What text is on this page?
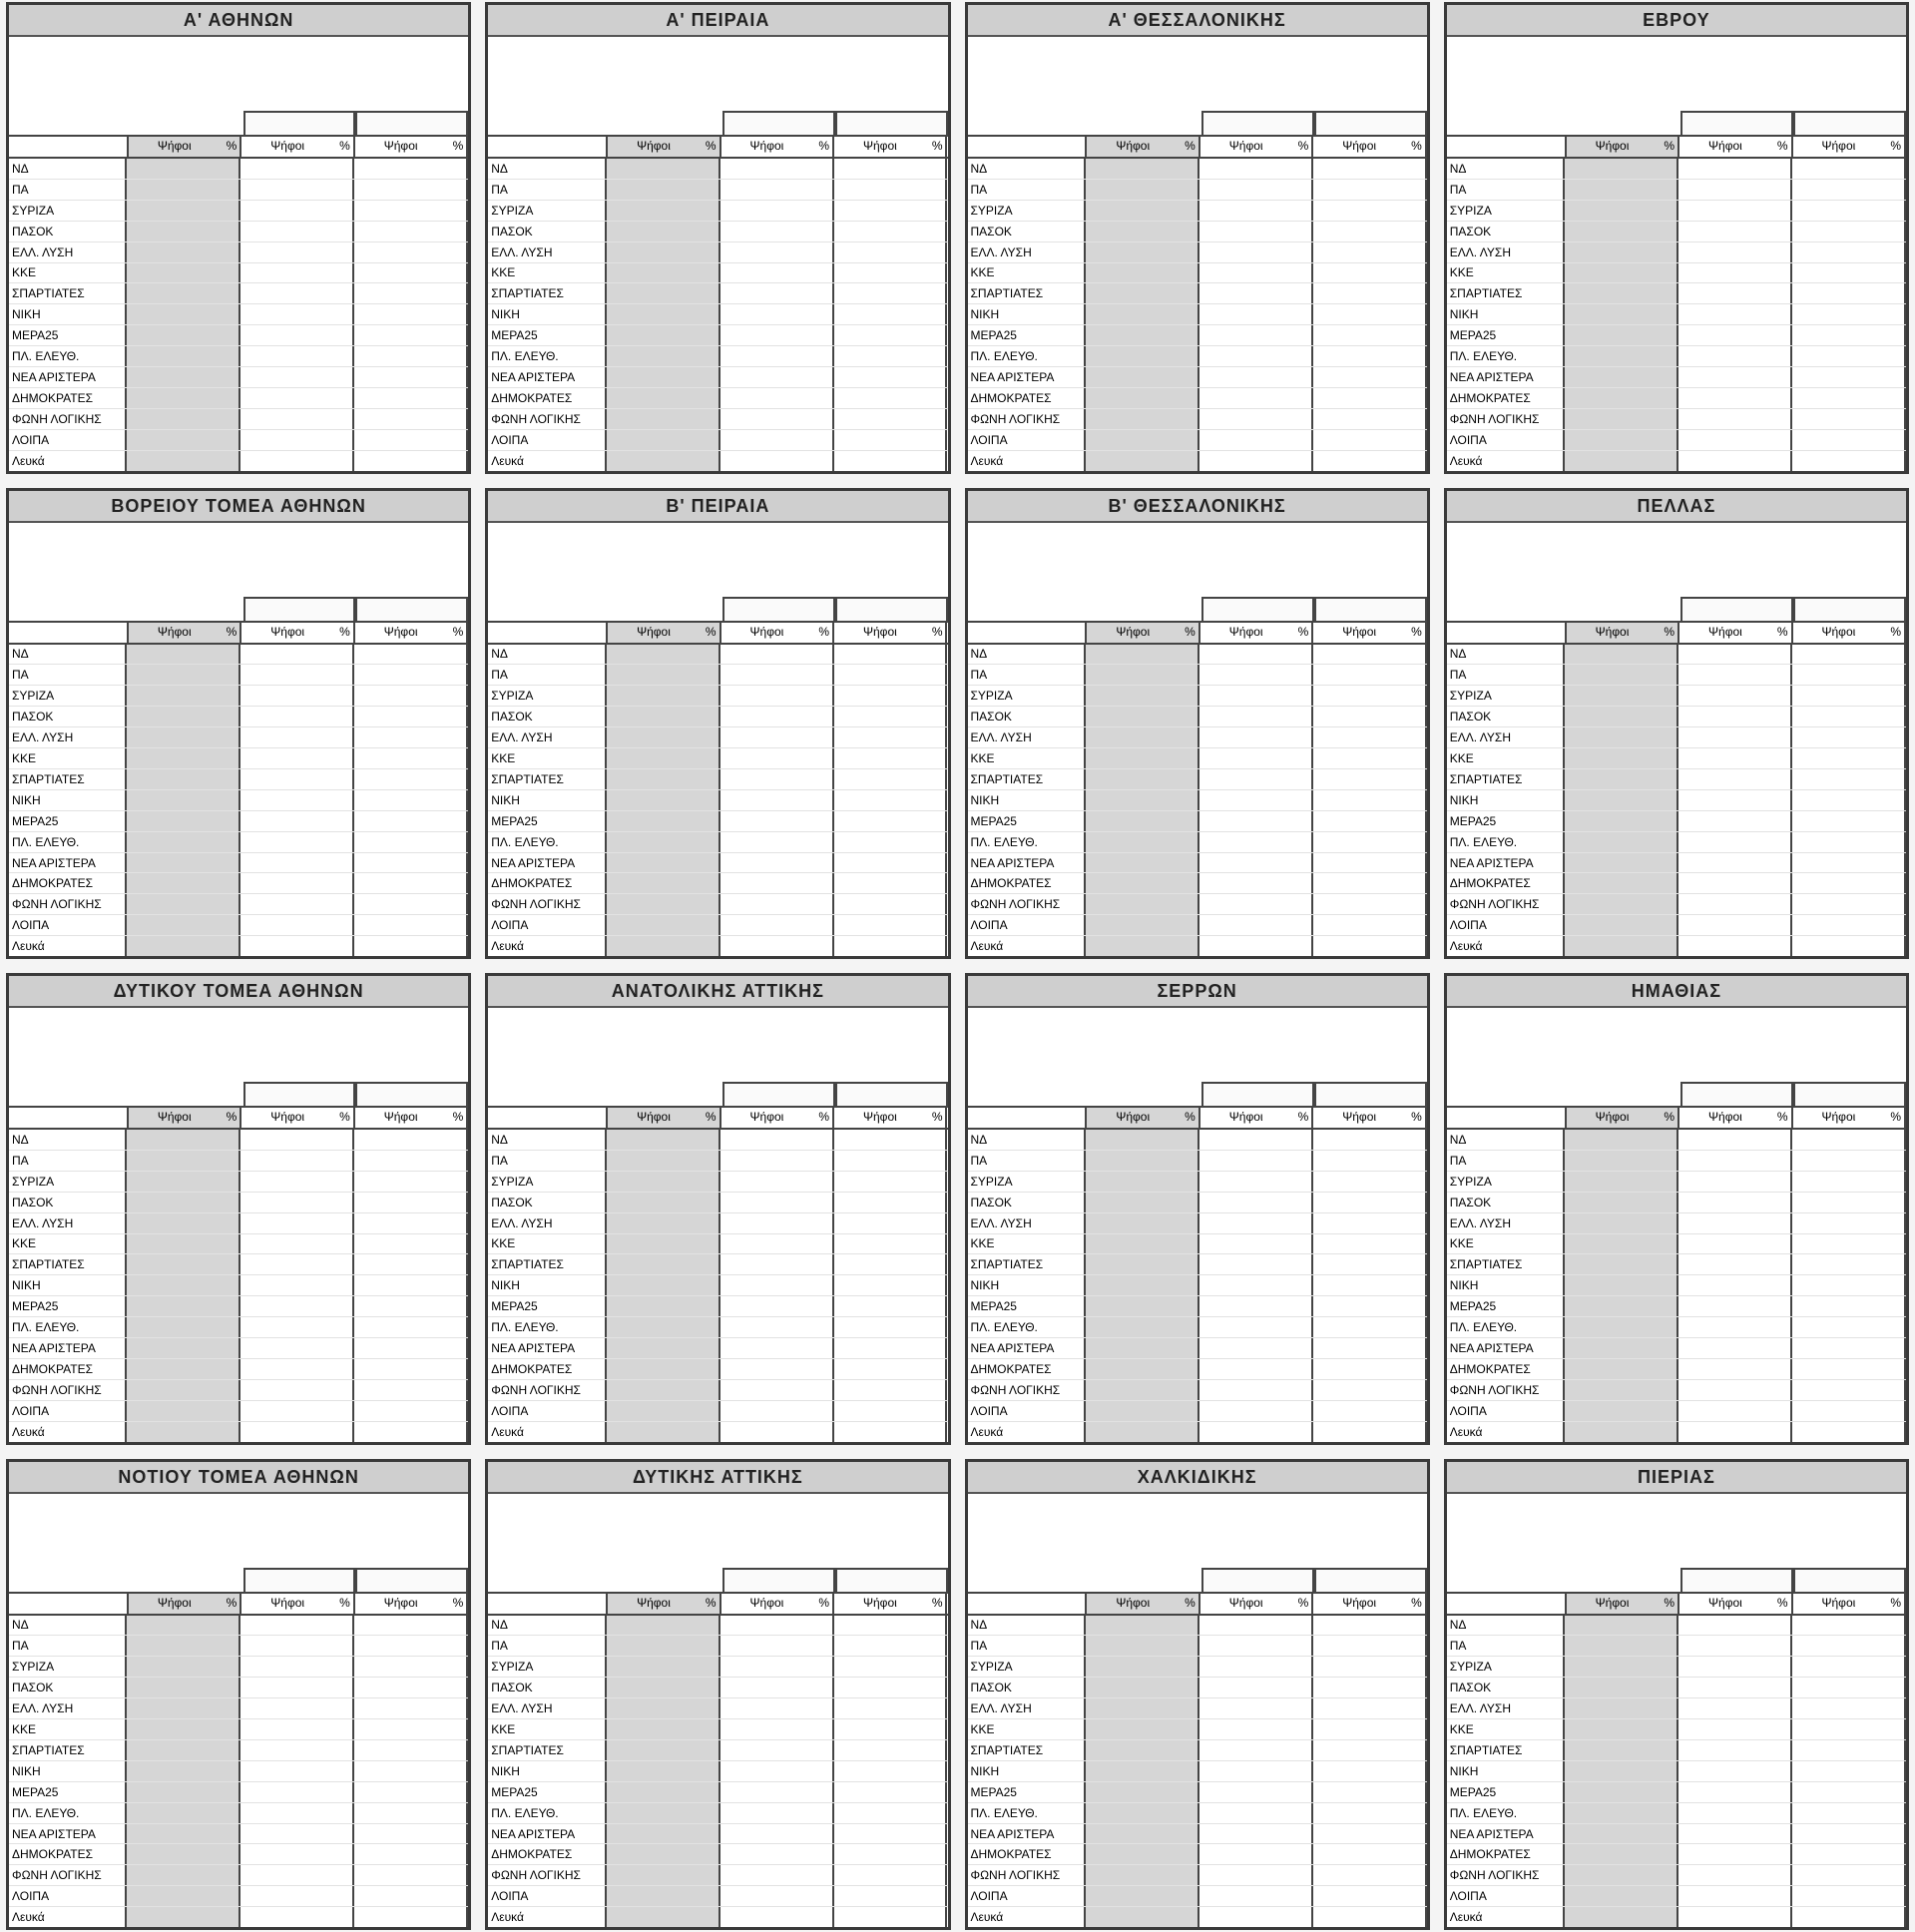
Α' ΑΘΗΝΩΝ
Ψήφοι	%	Ψήφοι	%	Ψήφοι	%
ΝΔ
ΠΑ
ΣΥΡΙΖΑ
ΠΑΣΟΚ
ΕΛΛ. ΛΥΣΗ
ΚΚΕ
ΣΠΑΡΤΙΑΤΕΣ
ΝΙΚΗ
ΜΕΡΑ25
ΠΛ. ΕΛΕΥΘ.
ΝΕΑ ΑΡΙΣΤΕΡΑ
ΔΗΜΟΚΡΑΤΕΣ
ΦΩΝΗ ΛΟΓΙΚΗΣ
ΛΟΙΠΑ
Λευκά
Α' ΠΕΙΡΑΙΑ
Ψήφοι	%	Ψήφοι	%	Ψήφοι	%
ΝΔ
ΠΑ
ΣΥΡΙΖΑ
ΠΑΣΟΚ
ΕΛΛ. ΛΥΣΗ
ΚΚΕ
ΣΠΑΡΤΙΑΤΕΣ
ΝΙΚΗ
ΜΕΡΑ25
ΠΛ. ΕΛΕΥΘ.
ΝΕΑ ΑΡΙΣΤΕΡΑ
ΔΗΜΟΚΡΑΤΕΣ
ΦΩΝΗ ΛΟΓΙΚΗΣ
ΛΟΙΠΑ
Λευκά
Α' ΘΕΣΣΑΛΟΝΙΚΗΣ
Ψήφοι	%	Ψήφοι	%	Ψήφοι	%
ΝΔ
ΠΑ
ΣΥΡΙΖΑ
ΠΑΣΟΚ
ΕΛΛ. ΛΥΣΗ
ΚΚΕ
ΣΠΑΡΤΙΑΤΕΣ
ΝΙΚΗ
ΜΕΡΑ25
ΠΛ. ΕΛΕΥΘ.
ΝΕΑ ΑΡΙΣΤΕΡΑ
ΔΗΜΟΚΡΑΤΕΣ
ΦΩΝΗ ΛΟΓΙΚΗΣ
ΛΟΙΠΑ
Λευκά
ΕΒΡΟΥ
Ψήφοι	%	Ψήφοι	%	Ψήφοι	%
ΝΔ
ΠΑ
ΣΥΡΙΖΑ
ΠΑΣΟΚ
ΕΛΛ. ΛΥΣΗ
ΚΚΕ
ΣΠΑΡΤΙΑΤΕΣ
ΝΙΚΗ
ΜΕΡΑ25
ΠΛ. ΕΛΕΥΘ.
ΝΕΑ ΑΡΙΣΤΕΡΑ
ΔΗΜΟΚΡΑΤΕΣ
ΦΩΝΗ ΛΟΓΙΚΗΣ
ΛΟΙΠΑ
Λευκά
ΒΟΡΕΙΟΥ ΤΟΜΕΑ ΑΘΗΝΩΝ
Ψήφοι	%	Ψήφοι	%	Ψήφοι	%
ΝΔ
ΠΑ
ΣΥΡΙΖΑ
ΠΑΣΟΚ
ΕΛΛ. ΛΥΣΗ
ΚΚΕ
ΣΠΑΡΤΙΑΤΕΣ
ΝΙΚΗ
ΜΕΡΑ25
ΠΛ. ΕΛΕΥΘ.
ΝΕΑ ΑΡΙΣΤΕΡΑ
ΔΗΜΟΚΡΑΤΕΣ
ΦΩΝΗ ΛΟΓΙΚΗΣ
ΛΟΙΠΑ
Λευκά
Β' ΠΕΙΡΑΙΑ
Ψήφοι	%	Ψήφοι	%	Ψήφοι	%
ΝΔ
ΠΑ
ΣΥΡΙΖΑ
ΠΑΣΟΚ
ΕΛΛ. ΛΥΣΗ
ΚΚΕ
ΣΠΑΡΤΙΑΤΕΣ
ΝΙΚΗ
ΜΕΡΑ25
ΠΛ. ΕΛΕΥΘ.
ΝΕΑ ΑΡΙΣΤΕΡΑ
ΔΗΜΟΚΡΑΤΕΣ
ΦΩΝΗ ΛΟΓΙΚΗΣ
ΛΟΙΠΑ
Λευκά
Β' ΘΕΣΣΑΛΟΝΙΚΗΣ
Ψήφοι	%	Ψήφοι	%	Ψήφοι	%
ΝΔ
ΠΑ
ΣΥΡΙΖΑ
ΠΑΣΟΚ
ΕΛΛ. ΛΥΣΗ
ΚΚΕ
ΣΠΑΡΤΙΑΤΕΣ
ΝΙΚΗ
ΜΕΡΑ25
ΠΛ. ΕΛΕΥΘ.
ΝΕΑ ΑΡΙΣΤΕΡΑ
ΔΗΜΟΚΡΑΤΕΣ
ΦΩΝΗ ΛΟΓΙΚΗΣ
ΛΟΙΠΑ
Λευκά
ΠΕΛΛΑΣ
Ψήφοι	%	Ψήφοι	%	Ψήφοι	%
ΝΔ
ΠΑ
ΣΥΡΙΖΑ
ΠΑΣΟΚ
ΕΛΛ. ΛΥΣΗ
ΚΚΕ
ΣΠΑΡΤΙΑΤΕΣ
ΝΙΚΗ
ΜΕΡΑ25
ΠΛ. ΕΛΕΥΘ.
ΝΕΑ ΑΡΙΣΤΕΡΑ
ΔΗΜΟΚΡΑΤΕΣ
ΦΩΝΗ ΛΟΓΙΚΗΣ
ΛΟΙΠΑ
Λευκά
ΔΥΤΙΚΟΥ ΤΟΜΕΑ ΑΘΗΝΩΝ
Ψήφοι	%	Ψήφοι	%	Ψήφοι	%
ΝΔ
ΠΑ
ΣΥΡΙΖΑ
ΠΑΣΟΚ
ΕΛΛ. ΛΥΣΗ
ΚΚΕ
ΣΠΑΡΤΙΑΤΕΣ
ΝΙΚΗ
ΜΕΡΑ25
ΠΛ. ΕΛΕΥΘ.
ΝΕΑ ΑΡΙΣΤΕΡΑ
ΔΗΜΟΚΡΑΤΕΣ
ΦΩΝΗ ΛΟΓΙΚΗΣ
ΛΟΙΠΑ
Λευκά
ΑΝΑΤΟΛΙΚΗΣ ΑΤΤΙΚΗΣ
Ψήφοι	%	Ψήφοι	%	Ψήφοι	%
ΝΔ
ΠΑ
ΣΥΡΙΖΑ
ΠΑΣΟΚ
ΕΛΛ. ΛΥΣΗ
ΚΚΕ
ΣΠΑΡΤΙΑΤΕΣ
ΝΙΚΗ
ΜΕΡΑ25
ΠΛ. ΕΛΕΥΘ.
ΝΕΑ ΑΡΙΣΤΕΡΑ
ΔΗΜΟΚΡΑΤΕΣ
ΦΩΝΗ ΛΟΓΙΚΗΣ
ΛΟΙΠΑ
Λευκά
ΣΕΡΡΩΝ
Ψήφοι	%	Ψήφοι	%	Ψήφοι	%
ΝΔ
ΠΑ
ΣΥΡΙΖΑ
ΠΑΣΟΚ
ΕΛΛ. ΛΥΣΗ
ΚΚΕ
ΣΠΑΡΤΙΑΤΕΣ
ΝΙΚΗ
ΜΕΡΑ25
ΠΛ. ΕΛΕΥΘ.
ΝΕΑ ΑΡΙΣΤΕΡΑ
ΔΗΜΟΚΡΑΤΕΣ
ΦΩΝΗ ΛΟΓΙΚΗΣ
ΛΟΙΠΑ
Λευκά
ΗΜΑΘΙΑΣ
Ψήφοι	%	Ψήφοι	%	Ψήφοι	%
ΝΔ
ΠΑ
ΣΥΡΙΖΑ
ΠΑΣΟΚ
ΕΛΛ. ΛΥΣΗ
ΚΚΕ
ΣΠΑΡΤΙΑΤΕΣ
ΝΙΚΗ
ΜΕΡΑ25
ΠΛ. ΕΛΕΥΘ.
ΝΕΑ ΑΡΙΣΤΕΡΑ
ΔΗΜΟΚΡΑΤΕΣ
ΦΩΝΗ ΛΟΓΙΚΗΣ
ΛΟΙΠΑ
Λευκά
ΝΟΤΙΟΥ ΤΟΜΕΑ ΑΘΗΝΩΝ
Ψήφοι	%	Ψήφοι	%	Ψήφοι	%
ΝΔ
ΠΑ
ΣΥΡΙΖΑ
ΠΑΣΟΚ
ΕΛΛ. ΛΥΣΗ
ΚΚΕ
ΣΠΑΡΤΙΑΤΕΣ
ΝΙΚΗ
ΜΕΡΑ25
ΠΛ. ΕΛΕΥΘ.
ΝΕΑ ΑΡΙΣΤΕΡΑ
ΔΗΜΟΚΡΑΤΕΣ
ΦΩΝΗ ΛΟΓΙΚΗΣ
ΛΟΙΠΑ
Λευκά
ΔΥΤΙΚΗΣ ΑΤΤΙΚΗΣ
Ψήφοι	%	Ψήφοι	%	Ψήφοι	%
ΝΔ
ΠΑ
ΣΥΡΙΖΑ
ΠΑΣΟΚ
ΕΛΛ. ΛΥΣΗ
ΚΚΕ
ΣΠΑΡΤΙΑΤΕΣ
ΝΙΚΗ
ΜΕΡΑ25
ΠΛ. ΕΛΕΥΘ.
ΝΕΑ ΑΡΙΣΤΕΡΑ
ΔΗΜΟΚΡΑΤΕΣ
ΦΩΝΗ ΛΟΓΙΚΗΣ
ΛΟΙΠΑ
Λευκά
ΧΑΛΚΙΔΙΚΗΣ
Ψήφοι	%	Ψήφοι	%	Ψήφοι	%
ΝΔ
ΠΑ
ΣΥΡΙΖΑ
ΠΑΣΟΚ
ΕΛΛ. ΛΥΣΗ
ΚΚΕ
ΣΠΑΡΤΙΑΤΕΣ
ΝΙΚΗ
ΜΕΡΑ25
ΠΛ. ΕΛΕΥΘ.
ΝΕΑ ΑΡΙΣΤΕΡΑ
ΔΗΜΟΚΡΑΤΕΣ
ΦΩΝΗ ΛΟΓΙΚΗΣ
ΛΟΙΠΑ
Λευκά
ΠΙΕΡΙΑΣ
Ψήφοι	%	Ψήφοι	%	Ψήφοι	%
ΝΔ
ΠΑ
ΣΥΡΙΖΑ
ΠΑΣΟΚ
ΕΛΛ. ΛΥΣΗ
ΚΚΕ
ΣΠΑΡΤΙΑΤΕΣ
ΝΙΚΗ
ΜΕΡΑ25
ΠΛ. ΕΛΕΥΘ.
ΝΕΑ ΑΡΙΣΤΕΡΑ
ΔΗΜΟΚΡΑΤΕΣ
ΦΩΝΗ ΛΟΓΙΚΗΣ
ΛΟΙΠΑ
Λευκά
